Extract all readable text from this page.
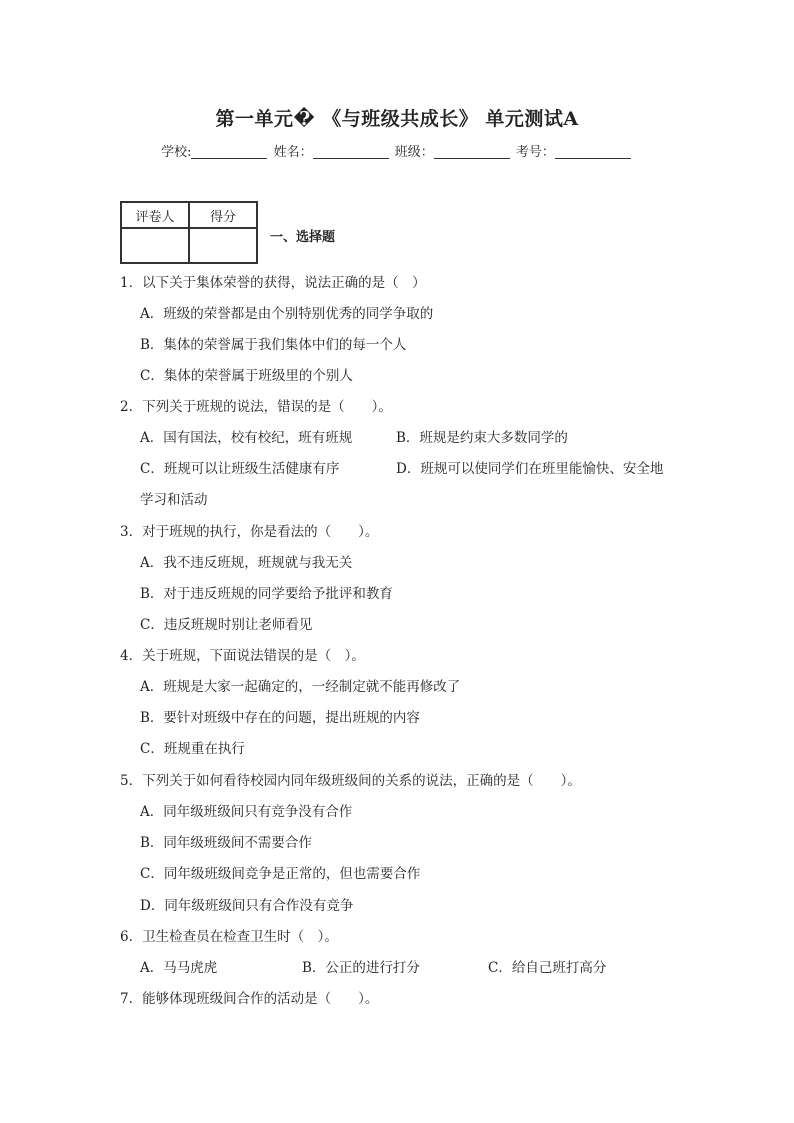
第一单元� 《与班级共成长》 单元测试A
学校:	姓名：	班级：	考号：
评卷人	得分

一、选择题
1．以下关于集体荣誉的获得，说法正确的是（　）
A．班级的荣誉都是由个别特别优秀的同学争取的
B．集体的荣誉属于我们集体中们的每一个人
C．集体的荣誉属于班级里的个别人
2．下列关于班规的说法，错误的是（　　）。
A．国有国法，校有校纪，班有班规	B．班规是约束大多数同学的
C．班规可以让班级生活健康有序	D．班规可以使同学们在班里能愉快、安全地
学习和活动
3．对于班规的执行，你是看法的（　　）。
A．我不违反班规，班规就与我无关
B．对于违反班规的同学要给予批评和教育
C．违反班规时别让老师看见
4．关于班规，下面说法错误的是（　）。
A．班规是大家一起确定的，一经制定就不能再修改了
B．要针对班级中存在的问题，提出班规的内容
C．班规重在执行
5．下列关于如何看待校园内同年级班级间的关系的说法，正确的是（　　）。
A．同年级班级间只有竞争没有合作
B．同年级班级间不需要合作
C．同年级班级间竞争是正常的，但也需要合作
D．同年级班级间只有合作没有竞争
6．卫生检查员在检查卫生时（　）。
A．马马虎虎	B．公正的进行打分	C．给自己班打高分
7．能够体现班级间合作的活动是（　　）。
